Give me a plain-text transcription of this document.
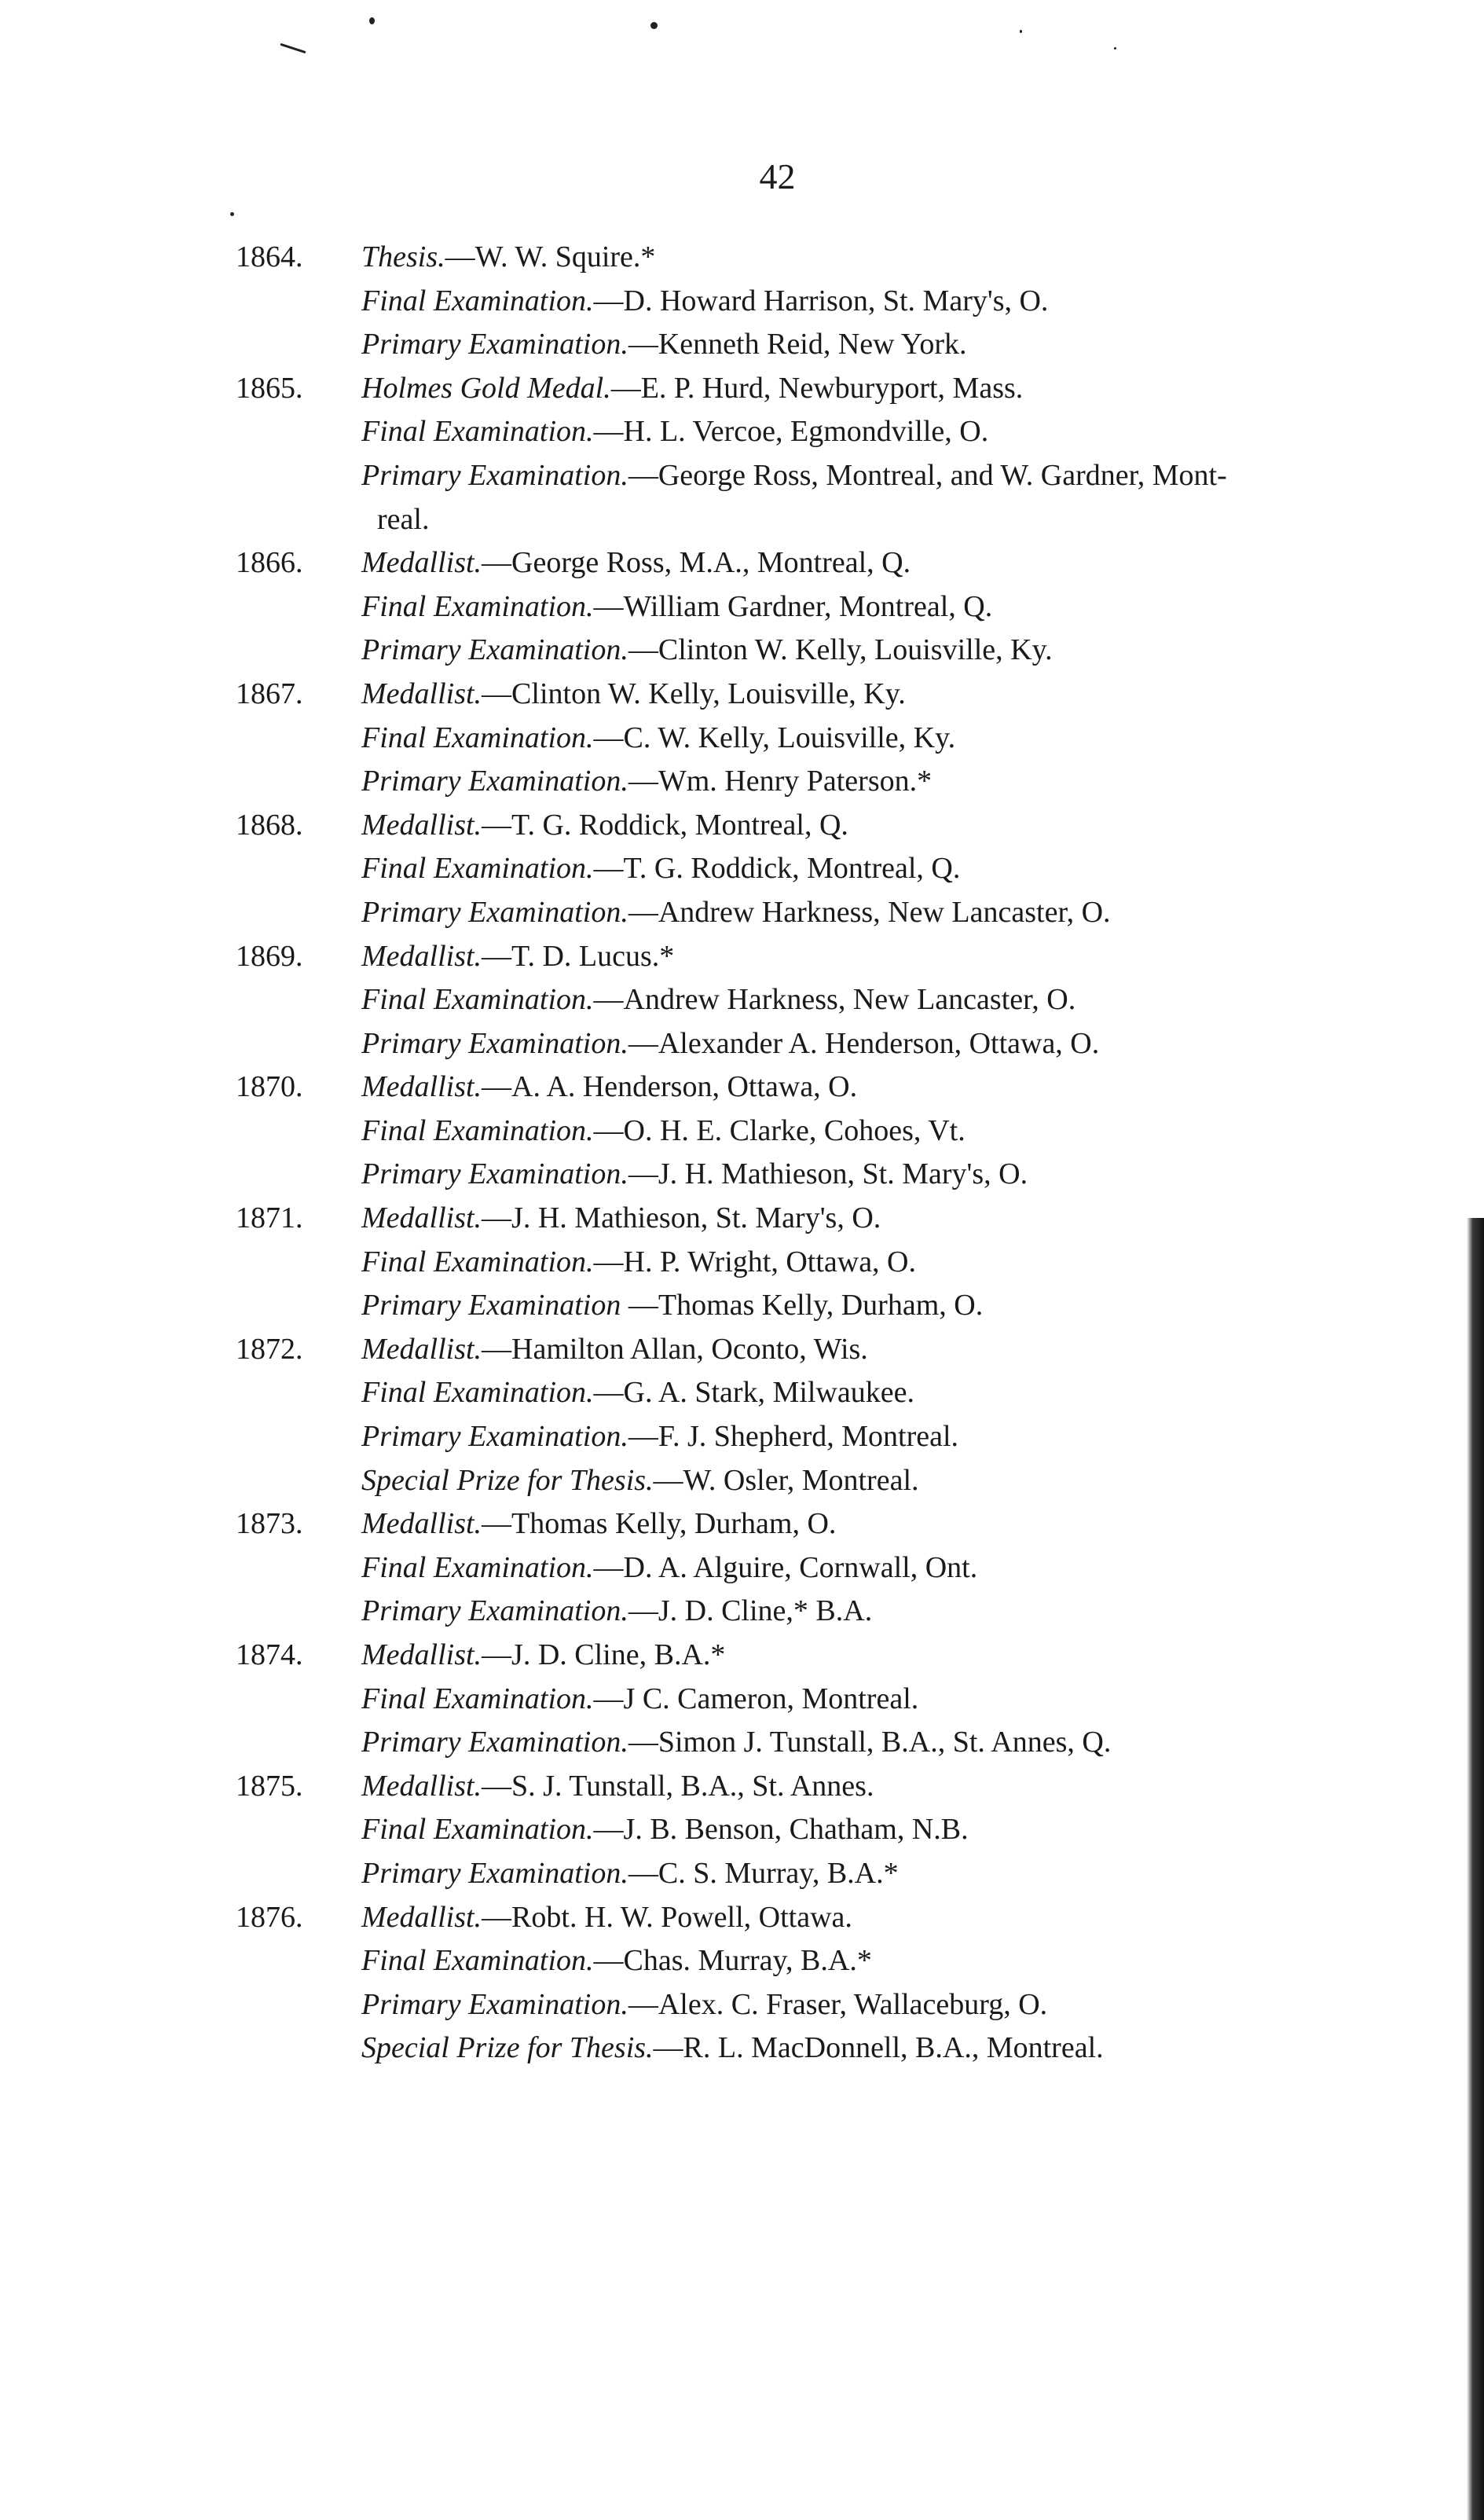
42
1864.	Thesis.—W. W. Squire.*
Final Examination.—D. Howard Harrison, St. Mary's, O.
Primary Examination.—Kenneth Reid, New York.
1865.	Holmes Gold Medal.—E. P. Hurd, Newburyport, Mass.
Final Examination.—H. L. Vercoe, Egmondville, O.
Primary Examination.—George Ross, Montreal, and W. Gardner, Mont-
real.
1866.	Medallist.—George Ross, M.A., Montreal, Q.
Final Examination.—William Gardner, Montreal, Q.
Primary Examination.—Clinton W. Kelly, Louisville, Ky.
1867.	Medallist.—Clinton W. Kelly, Louisville, Ky.
Final Examination.—C. W. Kelly, Louisville, Ky.
Primary Examination.—Wm. Henry Paterson.*
1868.	Medallist.—T. G. Roddick, Montreal, Q.
Final Examination.—T. G. Roddick, Montreal, Q.
Primary Examination.—Andrew Harkness, New Lancaster, O.
1869.	Medallist.—T. D. Lucus.*
Final Examination.—Andrew Harkness, New Lancaster, O.
Primary Examination.—Alexander A. Henderson, Ottawa, O.
1870.	Medallist.—A. A. Henderson, Ottawa, O.
Final Examination.—O. H. E. Clarke, Cohoes, Vt.
Primary Examination.—J. H. Mathieson, St. Mary's, O.
1871.	Medallist.—J. H. Mathieson, St. Mary's, O.
Final Examination.—H. P. Wright, Ottawa, O.
Primary Examination —Thomas Kelly, Durham, O.
1872.	Medallist.—Hamilton Allan, Oconto, Wis.
Final Examination.—G. A. Stark, Milwaukee.
Primary Examination.—F. J. Shepherd, Montreal.
Special Prize for Thesis.—W. Osler, Montreal.
1873.	Medallist.—Thomas Kelly, Durham, O.
Final Examination.—D. A. Alguire, Cornwall, Ont.
Primary Examination.—J. D. Cline,* B.A.
1874.	Medallist.—J. D. Cline, B.A.*
Final Examination.—J C. Cameron, Montreal.
Primary Examination.—Simon J. Tunstall, B.A., St. Annes, Q.
1875.	Medallist.—S. J. Tunstall, B.A., St. Annes.
Final Examination.—J. B. Benson, Chatham, N.B.
Primary Examination.—C. S. Murray, B.A.*
1876.	Medallist.—Robt. H. W. Powell, Ottawa.
Final Examination.—Chas. Murray, B.A.*
Primary Examination.—Alex. C. Fraser, Wallaceburg, O.
Special Prize for Thesis.—R. L. MacDonnell, B.A., Montreal.
